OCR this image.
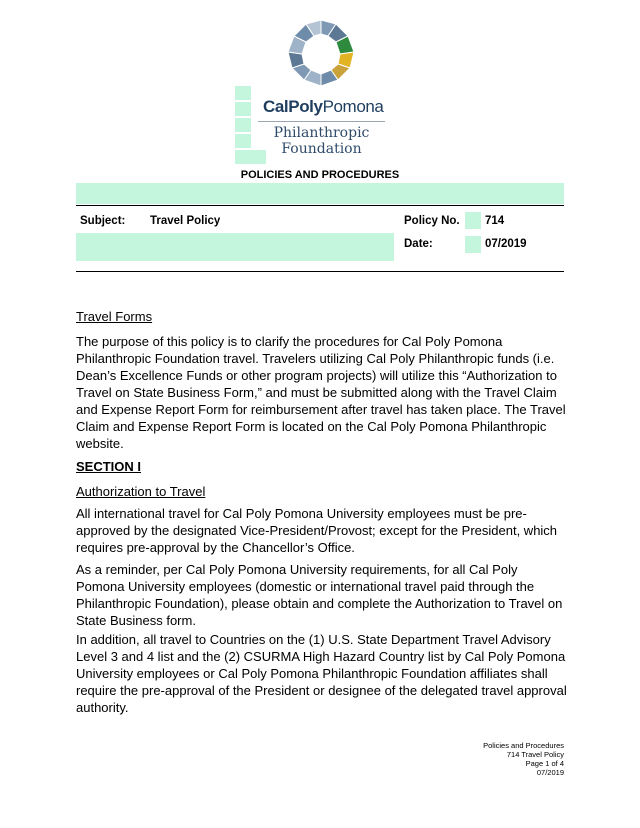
CalPolyPomona
Philanthropic
Foundation
POLICIES AND PROCEDURES
Subject: Travel Policy	Policy No. 714
Date:	07/2019
Travel Forms

The purpose of this policy is to clarify the procedures for Cal Poly Pomona Philanthropic Foundation travel. Travelers utilizing Cal Poly Philanthropic funds (i.e. Dean’s Excellence Funds or other program projects) will utilize this “Authorization to Travel on State Business Form,” and must be submitted along with the Travel Claim and Expense Report Form for reimbursement after travel has taken place. The Travel Claim and Expense Report Form is located on the Cal Poly Pomona Philanthropic website.

SECTION I
Authorization to Travel

All international travel for Cal Poly Pomona University employees must be pre-approved by the designated Vice-President/Provost; except for the President, which requires pre-approval by the Chancellor’s Office.

As a reminder, per Cal Poly Pomona University requirements, for all Cal Poly Pomona University employees (domestic or international travel paid through the Philanthropic Foundation), please obtain and complete the Authorization to Travel on State Business form.

In addition, all travel to Countries on the (1) U.S. State Department Travel Advisory Level 3 and 4 list and the (2) CSURMA High Hazard Country list by Cal Poly Pomona University employees or Cal Poly Pomona Philanthropic Foundation affiliates shall require the pre-approval of the President or designee of the delegated travel approval authority.

Policies and Procedures
714 Travel Policy
Page 1 of 4
07/2019
